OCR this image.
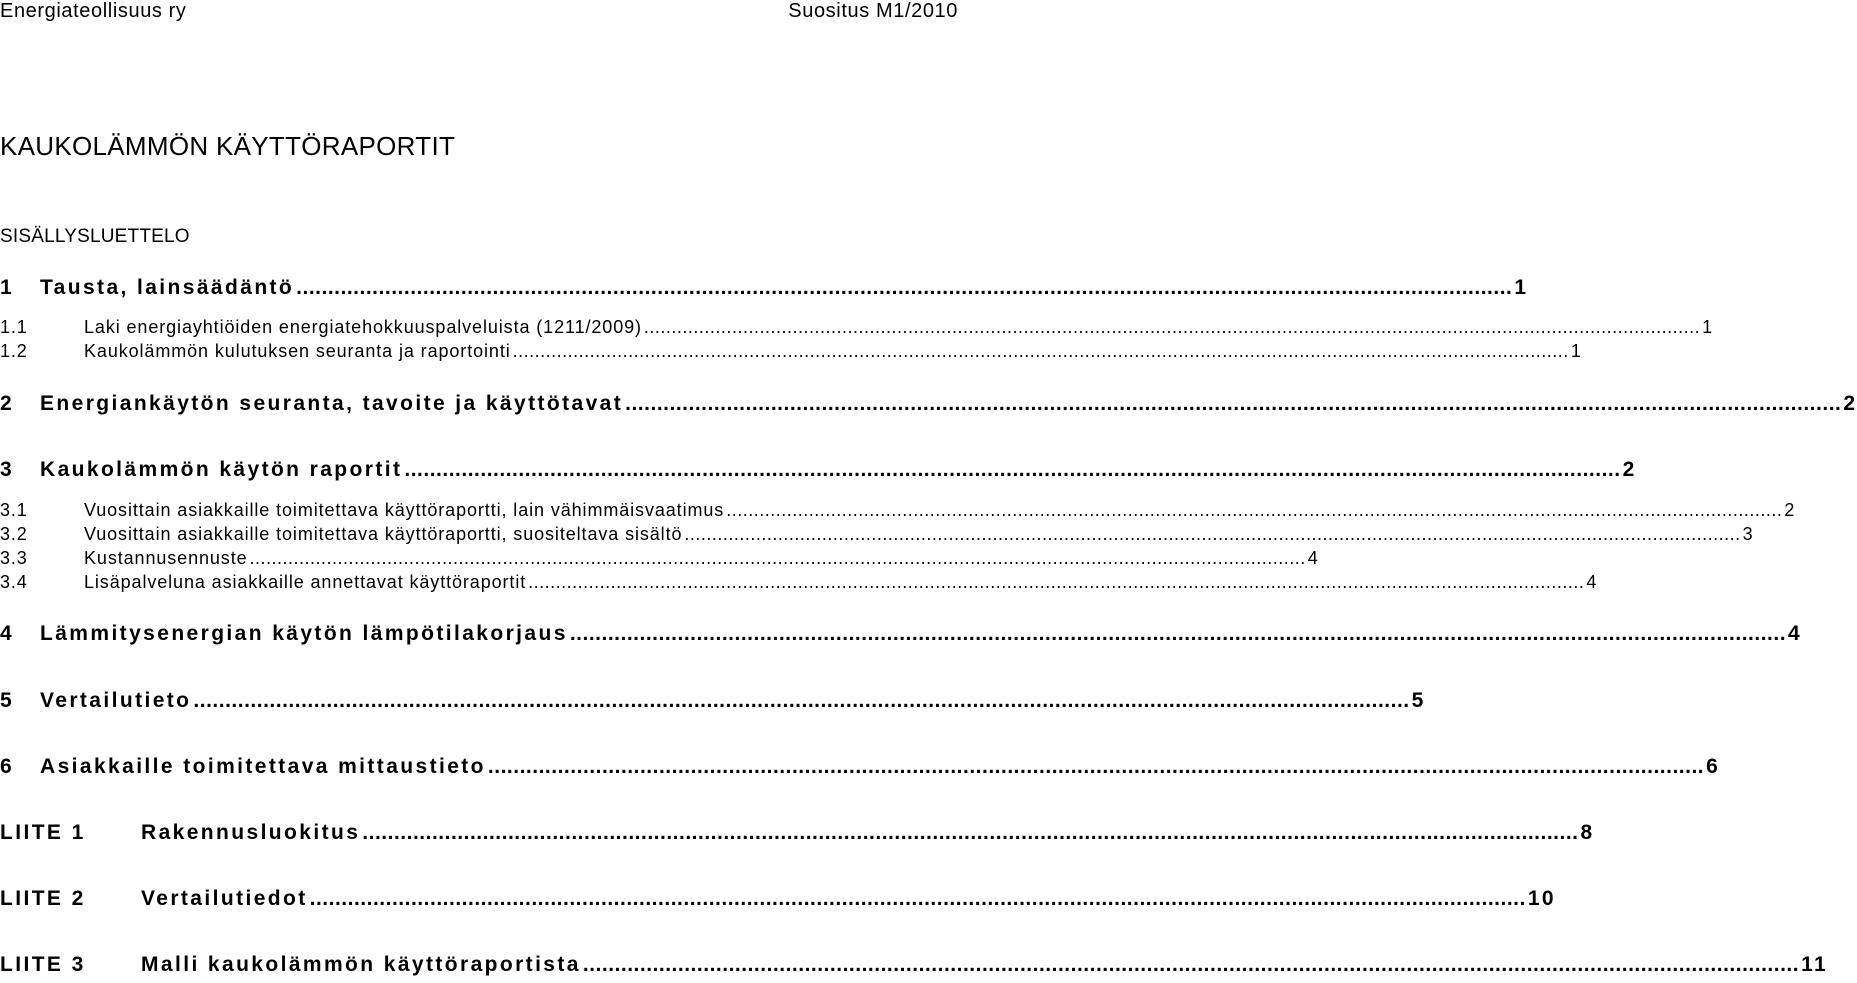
Energiateollisuus ry	Suositus M1/2010
KAUKOLÄMMÖN KÄYTTÖRAPORTIT
SISÄLLYSLUETTELO
1	Tausta, lainsäädäntö ................................................................................................................................................................................................ 1
1.1	Laki energiayhtiöiden energiatehokkuuspalveluista (1211/2009) ................................................................................................................................................................................................ 1
1.2	Kaukolämmön kulutuksen seuranta ja raportointi ................................................................................................................................................................................................ 1
2	Energiankäytön seuranta, tavoite ja käyttötavat ................................................................................................................................................................................................ 2
3	Kaukolämmön käytön raportit ................................................................................................................................................................................................ 2
3.1	Vuosittain asiakkaille toimitettava käyttöraportti, lain vähimmäisvaatimus ................................................................................................................................................................................................ 2
3.2	Vuosittain asiakkaille toimitettava käyttöraportti, suositeltava sisältö ................................................................................................................................................................................................ 3
3.3	Kustannusennuste ................................................................................................................................................................................................ 4
3.4	Lisäpalveluna asiakkaille annettavat käyttöraportit ................................................................................................................................................................................................ 4
4	Lämmitysenergian käytön lämpötilakorjaus ................................................................................................................................................................................................ 4
5	Vertailutieto ................................................................................................................................................................................................ 5
6	Asiakkaille toimitettava mittaustieto ................................................................................................................................................................................................ 6
LIITE 1	Rakennusluokitus ................................................................................................................................................................................................ 8
LIITE 2	Vertailutiedot ................................................................................................................................................................................................ 10
LIITE 3	Malli kaukolämmön käyttöraportista ................................................................................................................................................................................................ 11
